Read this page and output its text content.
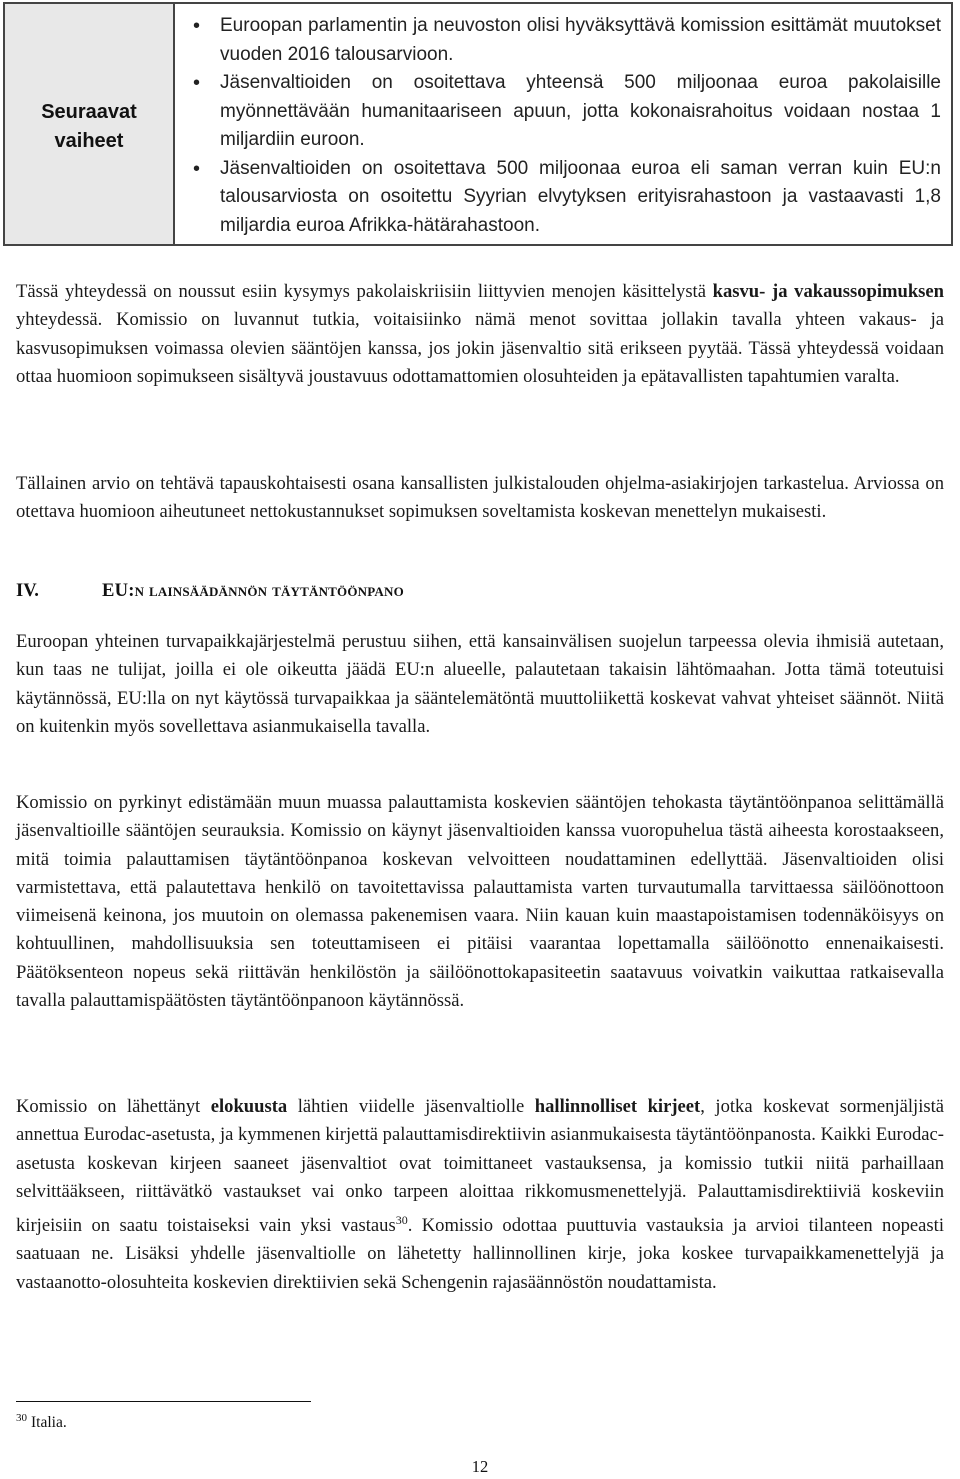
Seuraavat
vaiheet
• Euroopan parlamentin ja neuvoston olisi hyväksyttävä komission esittämät muutokset vuoden 2016 talousarvioon.
• Jäsenvaltioiden on osoitettava yhteensä 500 miljoonaa euroa pakolaisille myönnettävään humanitaariseen apuun, jotta kokonaisrahoitus voidaan nostaa 1 miljardiin euroon.
• Jäsenvaltioiden on osoitettava 500 miljoonaa euroa eli saman verran kuin EU:n talousarviosta on osoitettu Syyrian elvytyksen erityisrahastoon ja vastaavasti 1,8 miljardia euroa Afrikka-hätärahastoon.

Tässä yhteydessä on noussut esiin kysymys pakolaiskriisiin liittyvien menojen käsittelystä kasvu- ja vakaussopimuksen yhteydessä. Komissio on luvannut tutkia, voitaisiinko nämä menot sovittaa jollakin tavalla yhteen vakaus- ja kasvusopimuksen voimassa olevien sääntöjen kanssa, jos jokin jäsenvaltio sitä erikseen pyytää. Tässä yhteydessä voidaan ottaa huomioon sopimukseen sisältyvä joustavuus odottamattomien olosuhteiden ja epätavallisten tapahtumien varalta.

Tällainen arvio on tehtävä tapauskohtaisesti osana kansallisten julkistalouden ohjelma-asiakirjojen tarkastelua. Arviossa on otettava huomioon aiheutuneet nettokustannukset sopimuksen soveltamista koskevan menettelyn mukaisesti.

IV.	EU:n lainsäädännön täytäntöönpano

Euroopan yhteinen turvapaikkajärjestelmä perustuu siihen, että kansainvälisen suojelun tarpeessa olevia ihmisiä autetaan, kun taas ne tulijat, joilla ei ole oikeutta jäädä EU:n alueelle, palautetaan takaisin lähtömaahan. Jotta tämä toteutuisi käytännössä, EU:lla on nyt käytössä turvapaikkaa ja sääntelemätöntä muuttoliikettä koskevat vahvat yhteiset säännöt. Niitä on kuitenkin myös sovellettava asianmukaisella tavalla.

Komissio on pyrkinyt edistämään muun muassa palauttamista koskevien sääntöjen tehokasta täytäntöönpanoa selittämällä jäsenvaltioille sääntöjen seurauksia. Komissio on käynyt jäsenvaltioiden kanssa vuoropuhelua tästä aiheesta korostaakseen, mitä toimia palauttamisen täytäntöönpanoa koskevan velvoitteen noudattaminen edellyttää. Jäsenvaltioiden olisi varmistettava, että palautettava henkilö on tavoitettavissa palauttamista varten turvautumalla tarvittaessa säilöönottoon viimeisenä keinona, jos muutoin on olemassa pakenemisen vaara. Niin kauan kuin maastapoistamisen todennäköisyys on kohtuullinen, mahdollisuuksia sen toteuttamiseen ei pitäisi vaarantaa lopettamalla säilöönotto ennenaikaisesti. Päätöksenteon nopeus sekä riittävän henkilöstön ja säilöönottokapasiteetin saatavuus voivatkin vaikuttaa ratkaisevalla tavalla palauttamispäätösten täytäntöönpanoon käytännössä.

Komissio on lähettänyt elokuusta lähtien viidelle jäsenvaltiolle hallinnolliset kirjeet, jotka koskevat sormenjäljistä annettua Eurodac-asetusta, ja kymmenen kirjettä palauttamisdirektiivin asianmukaisesta täytäntöönpanosta. Kaikki Eurodac-asetusta koskevan kirjeen saaneet jäsenvaltiot ovat toimittaneet vastauksensa, ja komissio tutkii niitä parhaillaan selvittääkseen, riittävätkö vastaukset vai onko tarpeen aloittaa rikkomusmenettelyjä. Palauttamisdirektiiviä koskeviin kirjeisiin on saatu toistaiseksi vain yksi vastaus$^{30}$. Komissio odottaa puuttuvia vastauksia ja arvioi tilanteen nopeasti saatuaan ne. Lisäksi yhdelle jäsenvaltiolle on lähetetty hallinnollinen kirje, joka koskee turvapaikkamenettelyjä ja vastaanotto-olosuhteita koskevien direktiivien sekä Schengenin rajasäännöstön noudattamista.

$^{30}$ Italia.
12
